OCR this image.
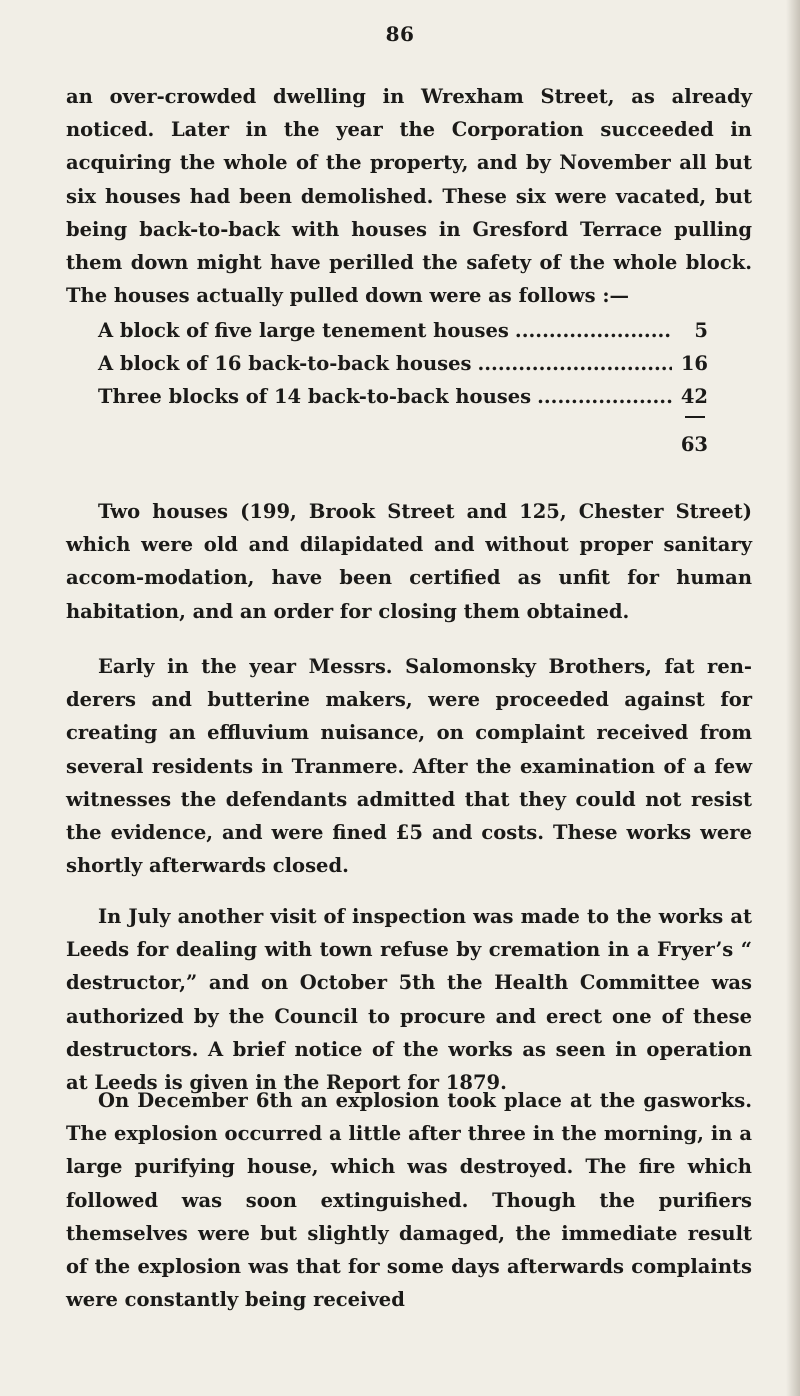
86

an over-crowded dwelling in Wrexham Street, as already noticed. Later in the year the Corporation succeeded in acquiring the whole of the property, and by November all but six houses had been demolished. These six were vacated, but being back-to-back with houses in Gresford Terrace pulling them down might have perilled the safety of the whole block. The houses actually pulled down were as follows :—

A block of five large tenement houses .....	5
A block of 16 back-to-back houses .....	16
Three blocks of 14 back-to-back houses .....	42
63

Two houses (199, Brook Street and 125, Chester Street) which were old and dilapidated and without proper sanitary accom-modation, have been certified as unfit for human habitation, and an order for closing them obtained.

Early in the year Messrs. Salomonsky Brothers, fat ren-derers and butterine makers, were proceeded against for creating an effluvium nuisance, on complaint received from several residents in Tranmere. After the examination of a few witnesses the defendants admitted that they could not resist the evidence, and were fined £5 and costs. These works were shortly afterwards closed.

In July another visit of inspection was made to the works at Leeds for dealing with town refuse by cremation in a Fryer’s “ destructor,” and on October 5th the Health Committee was authorized by the Council to procure and erect one of these destructors. A brief notice of the works as seen in operation at Leeds is given in the Report for 1879.

On December 6th an explosion took place at the gasworks. The explosion occurred a little after three in the morning, in a large purifying house, which was destroyed. The fire which followed was soon extinguished. Though the purifiers themselves were but slightly damaged, the immediate result of the explosion was that for some days afterwards complaints were constantly being received
